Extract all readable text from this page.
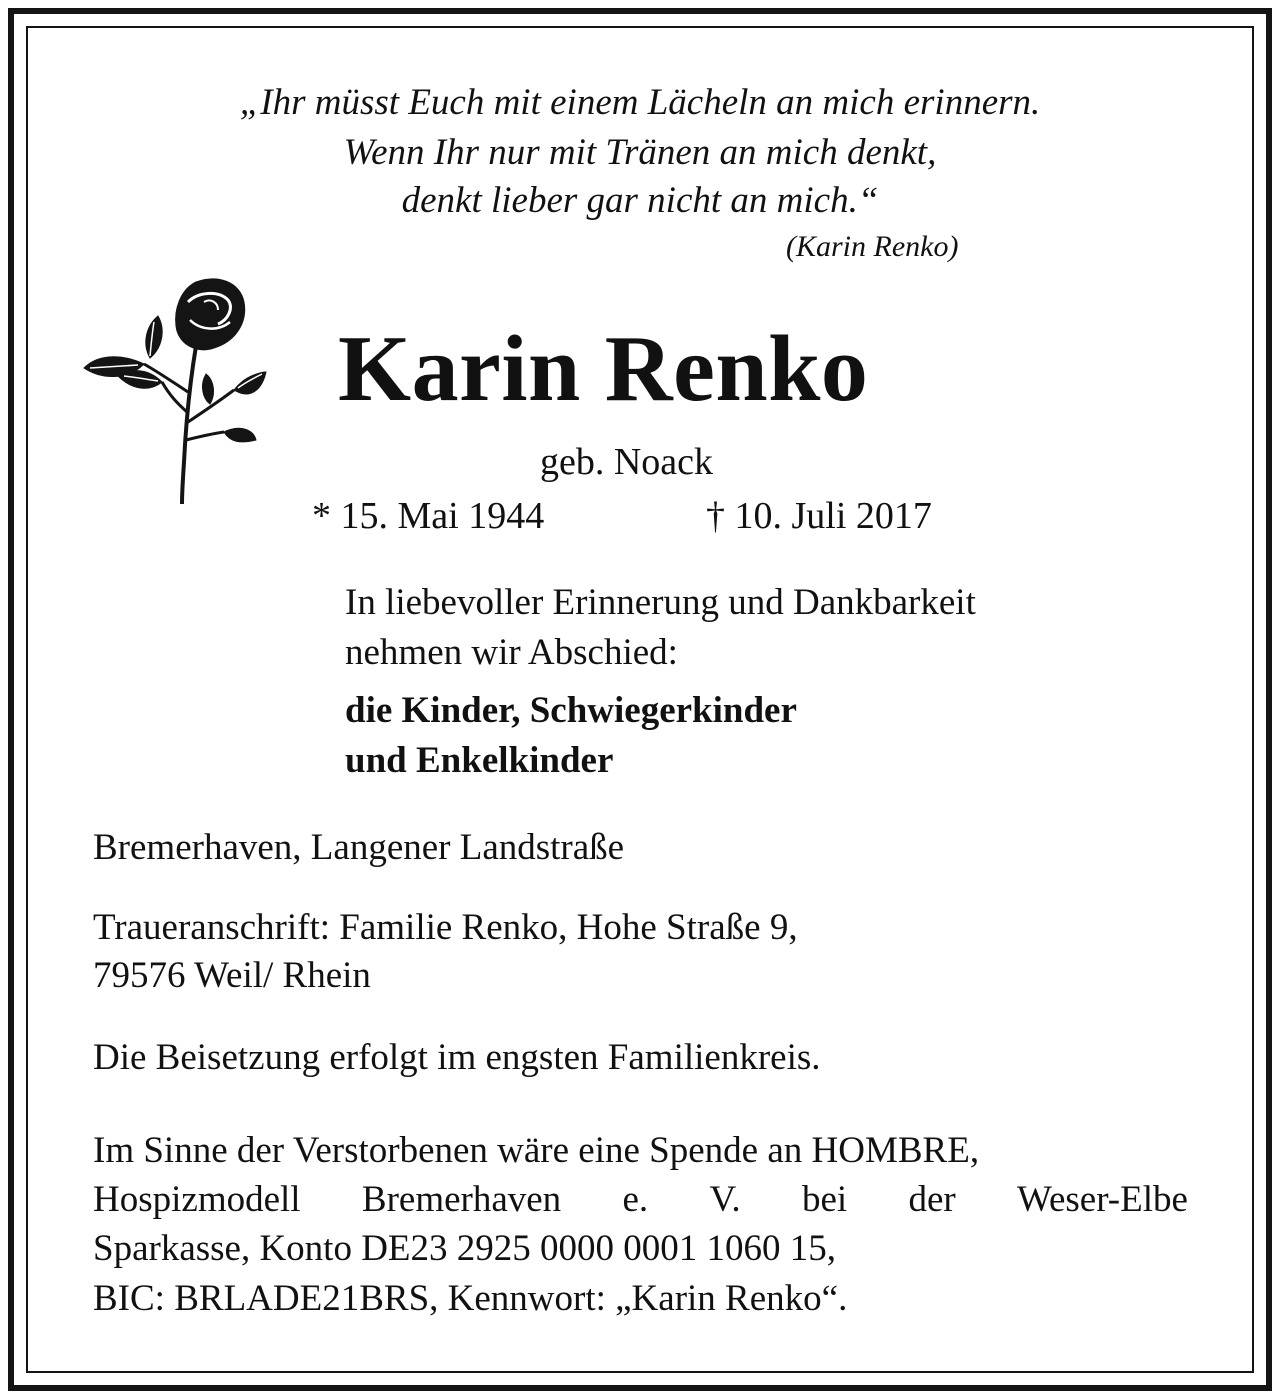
„Ihr müsst Euch mit einem Lächeln an mich erinnern.
Wenn Ihr nur mit Tränen an mich denkt,
denkt lieber gar nicht an mich.“
(Karin Renko)
Karin Renko
geb. Noack
* 15. Mai 1944	† 10. Juli 2017
In liebevoller Erinnerung und Dankbarkeit
nehmen wir Abschied:
die Kinder, Schwiegerkinder
und Enkelkinder
Bremerhaven, Langener Landstraße
Traueranschrift: Familie Renko, Hohe Straße 9,
79576 Weil/ Rhein
Die Beisetzung erfolgt im engsten Familienkreis.
Im Sinne der Verstorbenen wäre eine Spende an HOMBRE,
Hospizmodell Bremerhaven e. V. bei der Weser-Elbe
Sparkasse, Konto DE23 2925 0000 0001 1060 15,
BIC: BRLADE21BRS, Kennwort: „Karin Renko“.
